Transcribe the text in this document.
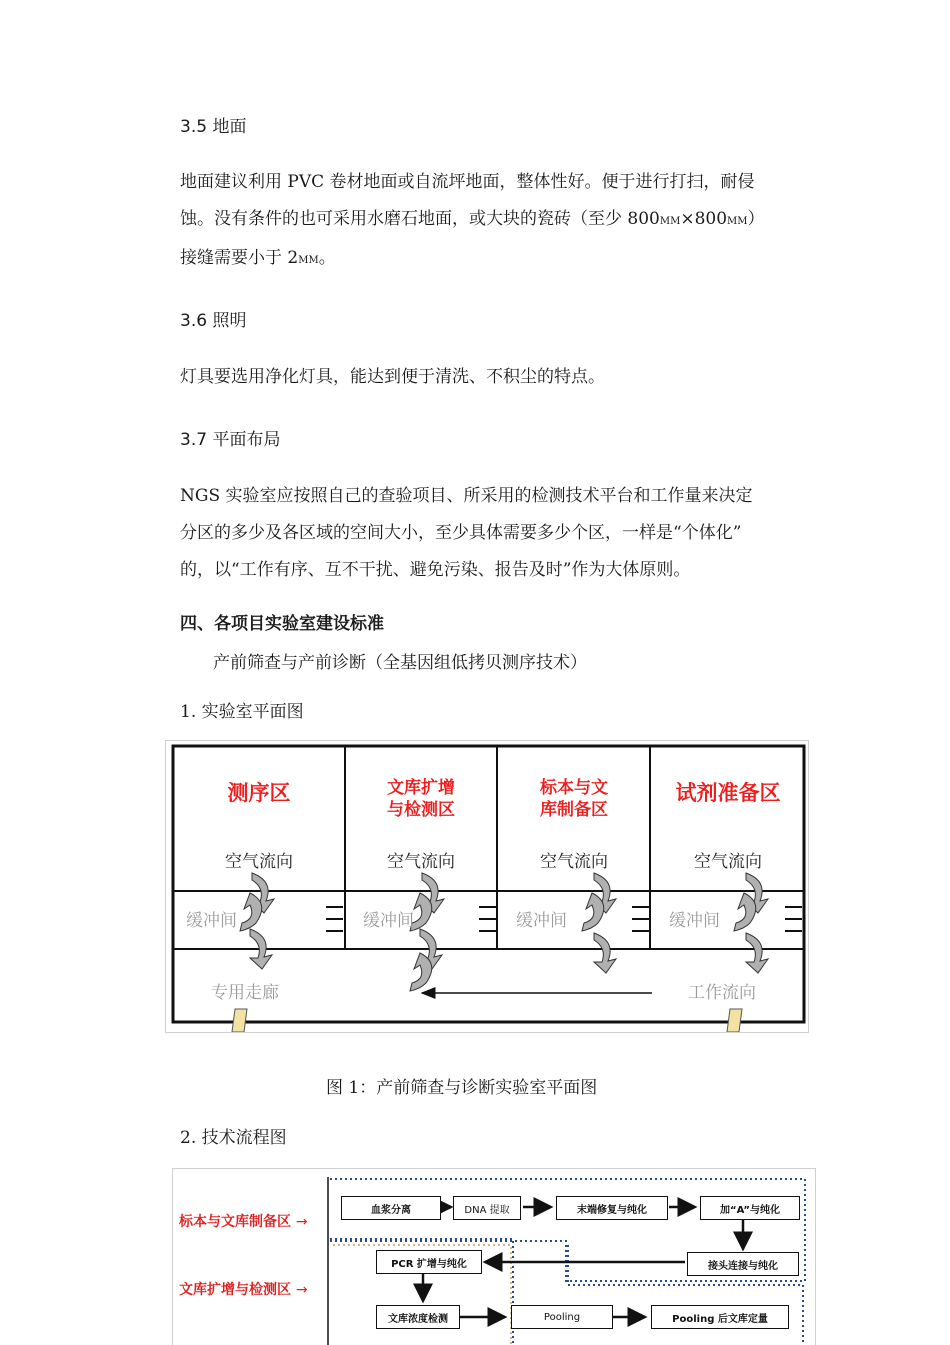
3.5 地面
地面建议利用 PVC 卷材地面或自流坪地面，整体性好。便于进行打扫，耐侵
蚀。没有条件的也可采用水磨石地面，或大块的瓷砖（至少 800MM×800MM）
接缝需要小于 2MM。
3.6 照明
灯具要选用净化灯具，能达到便于清洗、不积尘的特点。
3.7 平面布局
NGS 实验室应按照自己的查验项目、所采用的检测技术平台和工作量来决定
分区的多少及各区域的空间大小，至少具体需要多少个区，一样是“个体化”
的，以“工作有序、互不干扰、避免污染、报告及时”作为大体原则。
四、各项目实验室建设标准
产前筛查与产前诊断（全基因组低拷贝测序技术）
1. 实验室平面图
测序区	文库扩增
与检测区
标本与文
库制备区
试剂准备区
空气流向	空气流向	空气流向	空气流向
缓冲间	缓冲间	缓冲间	缓冲间
专用走廊	工作流向
图 1：产前筛查与诊断实验室平面图
2. 技术流程图
标本与文库制备区 →
文库扩增与检测区 →
血浆分离	DNA 提取	末端修复与纯化	加“A”与纯化
接头连接与纯化
PCR 扩增与纯化
文库浓度检测	Pooling	Pooling 后文库定量
